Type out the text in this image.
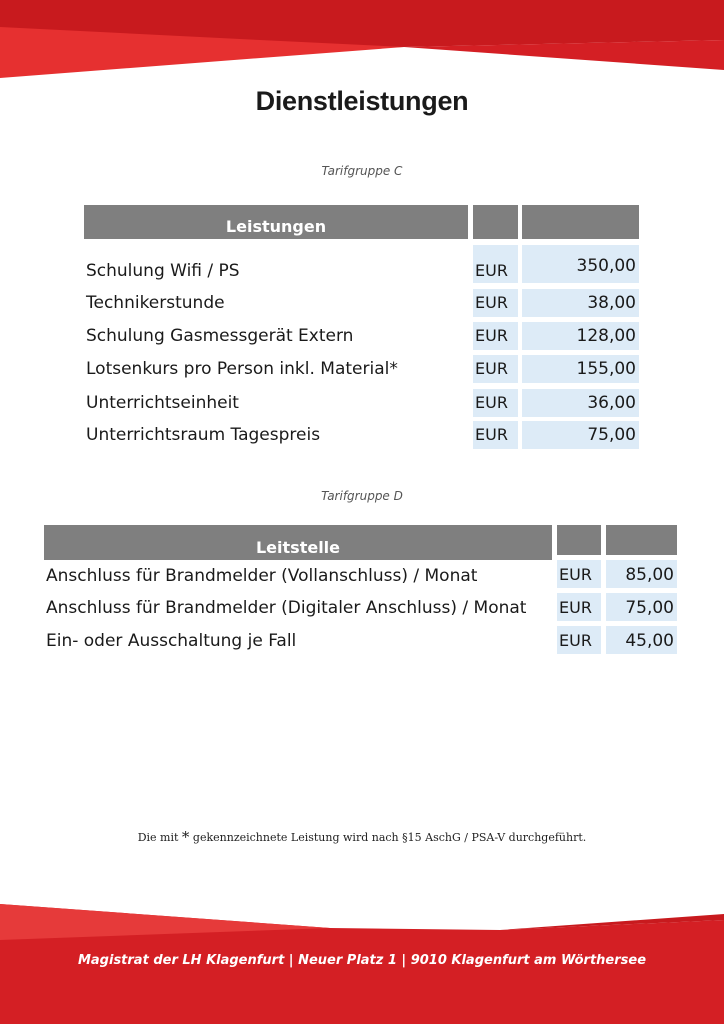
Dienstleistungen
Tarifgruppe C
Leistungen
Schulung Wifi / PS	EUR	350,00
Technikerstunde	EUR	38,00
Schulung Gasmessgerät Extern	EUR	128,00
Lotsenkurs pro Person inkl. Material*	EUR	155,00
Unterrichtseinheit	EUR	36,00
Unterrichtsraum Tagespreis	EUR	75,00
Tarifgruppe D
Leitstelle
Anschluss für Brandmelder (Vollanschluss) / Monat	EUR	85,00
Anschluss für Brandmelder (Digitaler Anschluss) / Monat EUR	75,00
Ein- oder Ausschaltung je Fall	EUR	45,00
Die mit * gekennzeichnete Leistung wird nach §15 AschG / PSA-V durchgeführt.
Magistrat der LH Klagenfurt | Neuer Platz 1 | 9010 Klagenfurt am Wörthersee
